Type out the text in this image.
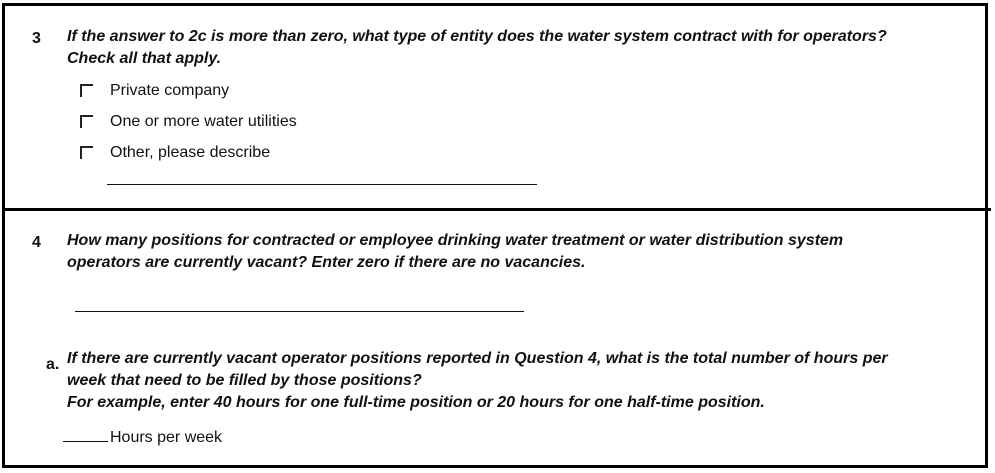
3 If the answer to 2c is more than zero, what type of entity does the water system contract with for operators?
Check all that apply.
Private company
One or more water utilities
Other, please describe
4 How many positions for contracted or employee drinking water treatment or water distribution system
operators are currently vacant? Enter zero if there are no vacancies.
a. If there are currently vacant operator positions reported in Question 4, what is the total number of hours per
week that need to be filled by those positions?
For example, enter 40 hours for one full-time position or 20 hours for one half-time position.
Hours per week
